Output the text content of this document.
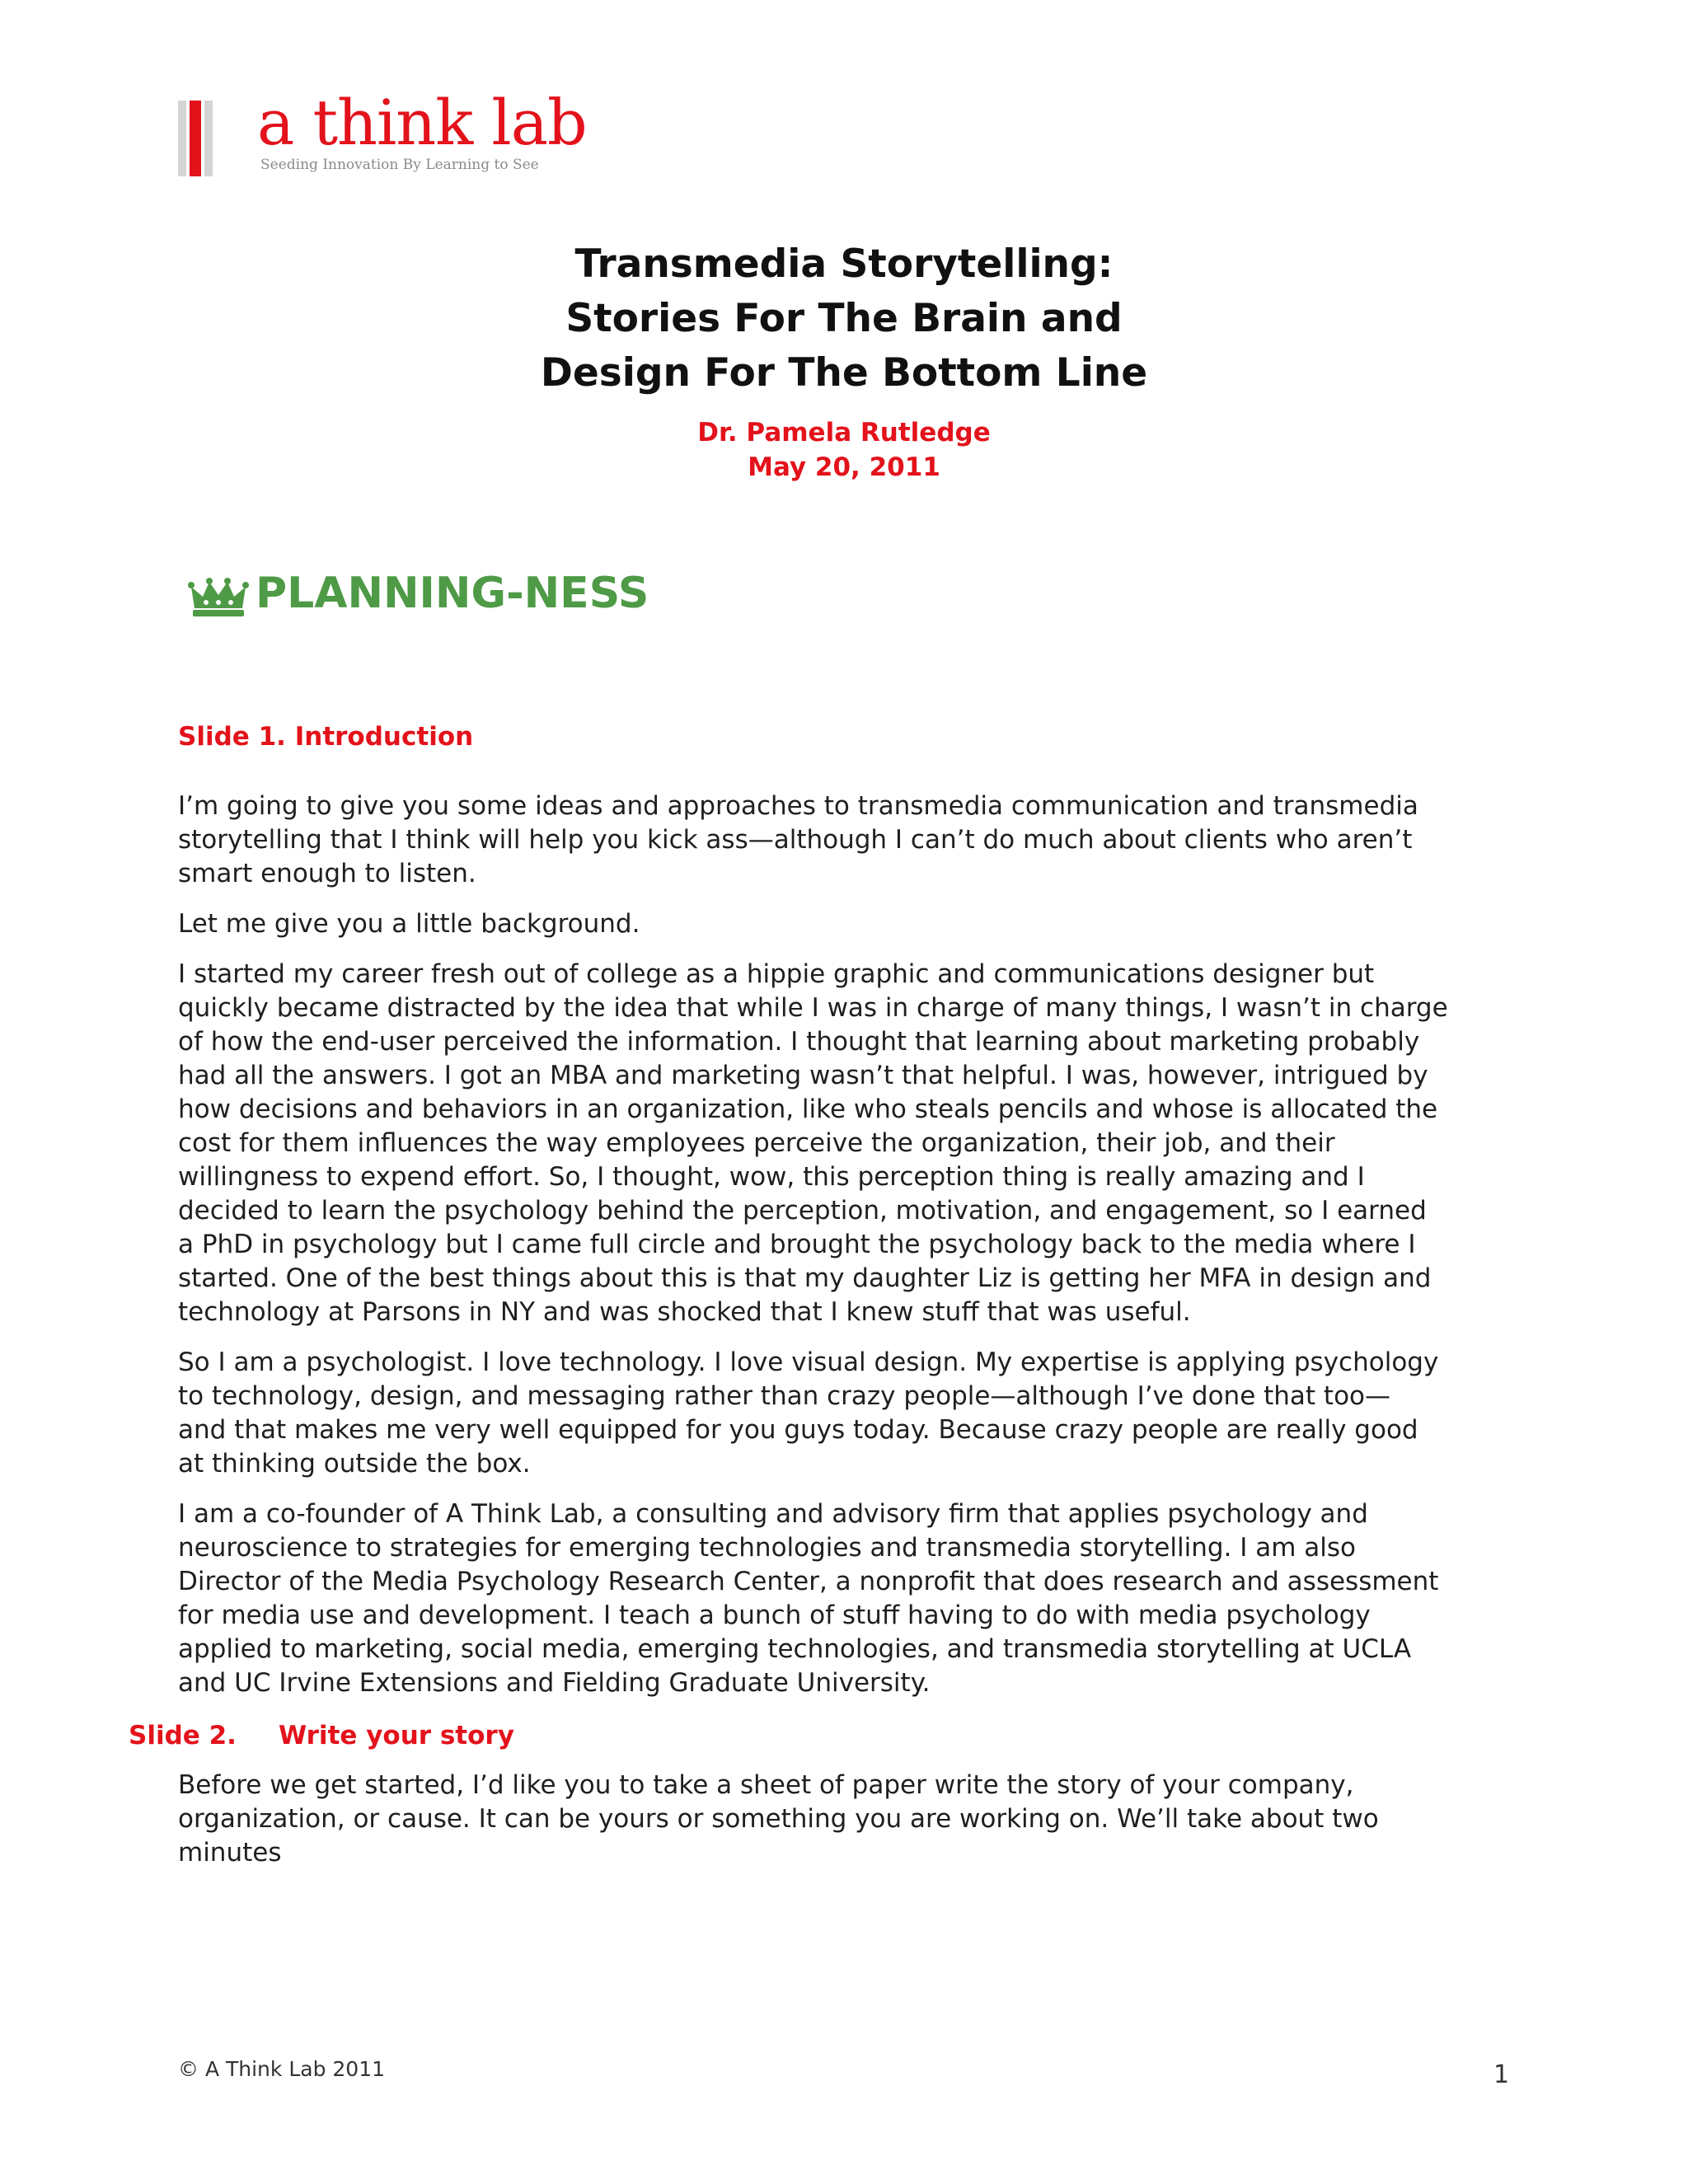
a think lab
Seeding Innovation By Learning to See
Transmedia Storytelling:
Stories For The Brain and
Design For The Bottom Line
Dr. Pamela Rutledge
May 20, 2011
PLANNING-NESS
Slide 1. Introduction
I’m going to give you some ideas and approaches to transmedia communication and transmedia
storytelling that I think will help you kick ass—although I can’t do much about clients who aren’t
smart enough to listen.
Let me give you a little background.
I started my career fresh out of college as a hippie graphic and communications designer but
quickly became distracted by the idea that while I was in charge of many things, I wasn’t in charge
of how the end-user perceived the information. I thought that learning about marketing probably
had all the answers. I got an MBA and marketing wasn’t that helpful. I was, however, intrigued by
how decisions and behaviors in an organization, like who steals pencils and whose is allocated the
cost for them influences the way employees perceive the organization, their job, and their
willingness to expend effort. So, I thought, wow, this perception thing is really amazing and I
decided to learn the psychology behind the perception, motivation, and engagement, so I earned
a PhD in psychology but I came full circle and brought the psychology back to the media where I
started. One of the best things about this is that my daughter Liz is getting her MFA in design and
technology at Parsons in NY and was shocked that I knew stuff that was useful.
So I am a psychologist. I love technology. I love visual design. My expertise is applying psychology
to technology, design, and messaging rather than crazy people—although I’ve done that too—
and that makes me very well equipped for you guys today. Because crazy people are really good
at thinking outside the box.
I am a co-founder of A Think Lab, a consulting and advisory firm that applies psychology and
neuroscience to strategies for emerging technologies and transmedia storytelling. I am also
Director of the Media Psychology Research Center, a nonprofit that does research and assessment
for media use and development. I teach a bunch of stuff having to do with media psychology
applied to marketing, social media, emerging technologies, and transmedia storytelling at UCLA
and UC Irvine Extensions and Fielding Graduate University.
Slide 2. Write your story
Before we get started, I’d like you to take a sheet of paper write the story of your company,
organization, or cause. It can be yours or something you are working on. We’ll take about two
minutes
© A Think Lab 2011	1
